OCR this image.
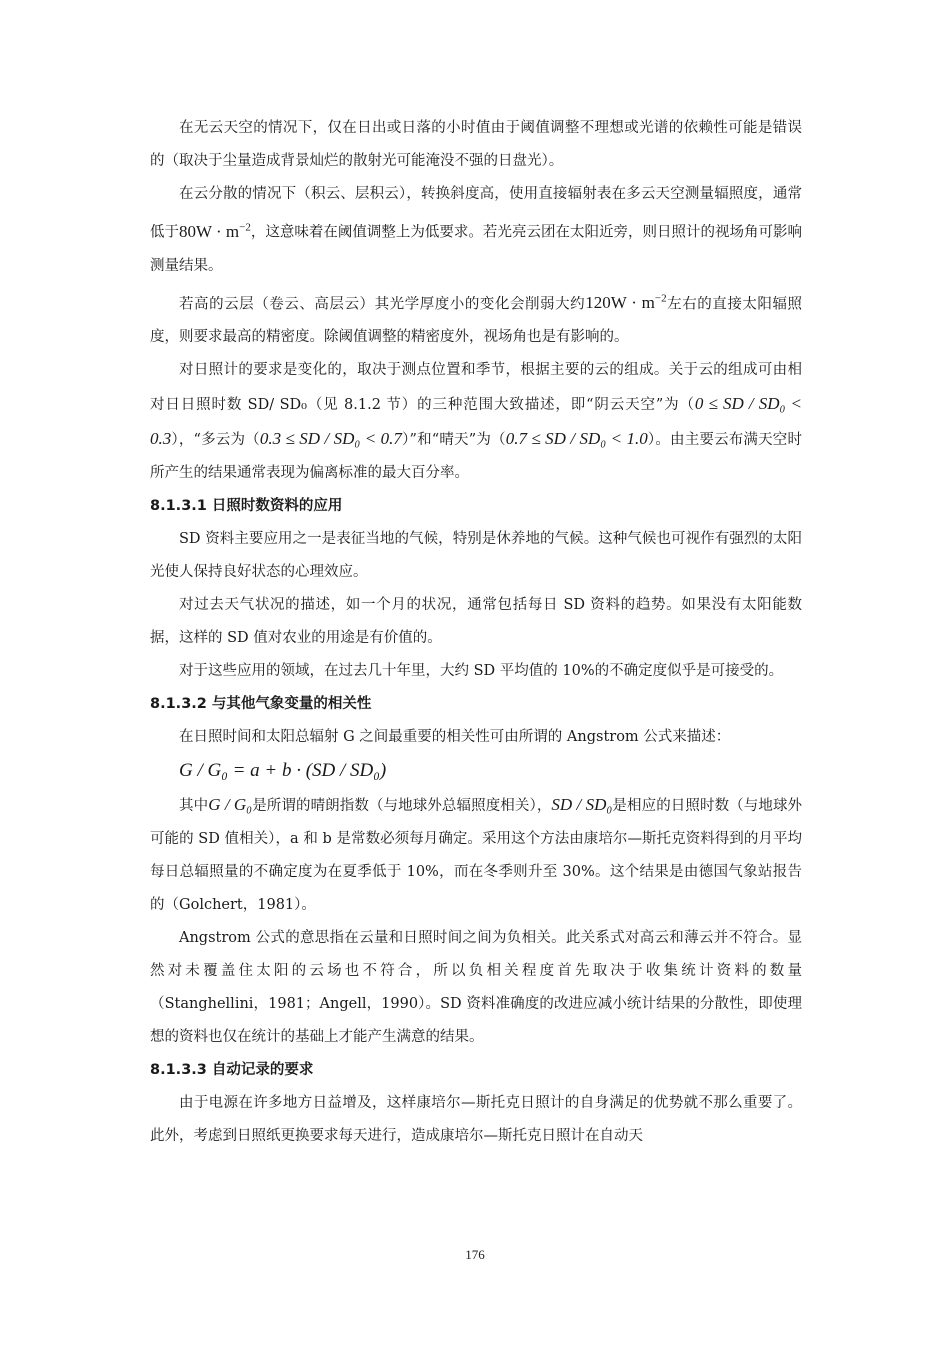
在无云天空的情况下，仅在日出或日落的小时值由于阈值调整不理想或光谱的依赖性可能是错误的（取决于尘量造成背景灿烂的散射光可能淹没不强的日盘光）。

在云分散的情况下（积云、层积云），转换斜度高，使用直接辐射表在多云天空测量辐照度，通常低于$80W \cdot m^{-2}$，这意味着在阈值调整上为低要求。若光亮云团在太阳近旁，则日照计的视场角可影响测量结果。

若高的云层（卷云、高层云）其光学厚度小的变化会削弱大约$120W \cdot m^{-2}$左右的直接太阳辐照度，则要求最高的精密度。除阈值调整的精密度外，视场角也是有影响的。

对日照计的要求是变化的，取决于测点位置和季节，根据主要的云的组成。关于云的组成可由相对日日照时数 SD/ SD₀（见 8.1.2 节）的三种范围大致描述，即“阴云天空”为（0 ≤ SD / SD₀ < 0.3），“多云为（0.3 ≤ SD / SD₀ < 0.7）”和“晴天”为（0.7 ≤ SD / SD₀ < 1.0）。由主要云布满天空时所产生的结果通常表现为偏离标准的最大百分率。

8.1.3.1 日照时数资料的应用

SD 资料主要应用之一是表征当地的气候，特别是休养地的气候。这种气候也可视作有强烈的太阳光使人保持良好状态的心理效应。

对过去天气状况的描述，如一个月的状况，通常包括每日 SD 资料的趋势。如果没有太阳能数据，这样的 SD 值对农业的用途是有价值的。

对于这些应用的领域，在过去几十年里，大约 SD 平均值的 10%的不确定度似乎是可接受的。

8.1.3.2 与其他气象变量的相关性

在日照时间和太阳总辐射 G 之间最重要的相关性可由所谓的 Angstrom 公式来描述：

G / G₀ = a + b · (SD / SD₀)

其中G / G₀是所谓的晴朗指数（与地球外总辐照度相关），SD / SD₀是相应的日照时数（与地球外可能的 SD 值相关），a 和 b 是常数必须每月确定。采用这个方法由康培尔—斯托克资料得到的月平均每日总辐照量的不确定度为在夏季低于 10%，而在冬季则升至 30%。这个结果是由德国气象站报告的（Golchert，1981）。

Angstrom 公式的意思指在云量和日照时间之间为负相关。此关系式对高云和薄云并不符合。显然对未覆盖住太阳的云场也不符合，所以负相关程度首先取决于收集统计资料的数量（Stanghellini，1981；Angell，1990）。SD 资料准确度的改进应减小统计结果的分散性，即使理想的资料也仅在统计的基础上才能产生满意的结果。

8.1.3.3 自动记录的要求

由于电源在许多地方日益增及，这样康培尔—斯托克日照计的自身满足的优势就不那么重要了。此外，考虑到日照纸更换要求每天进行，造成康培尔—斯托克日照计在自动天

176
